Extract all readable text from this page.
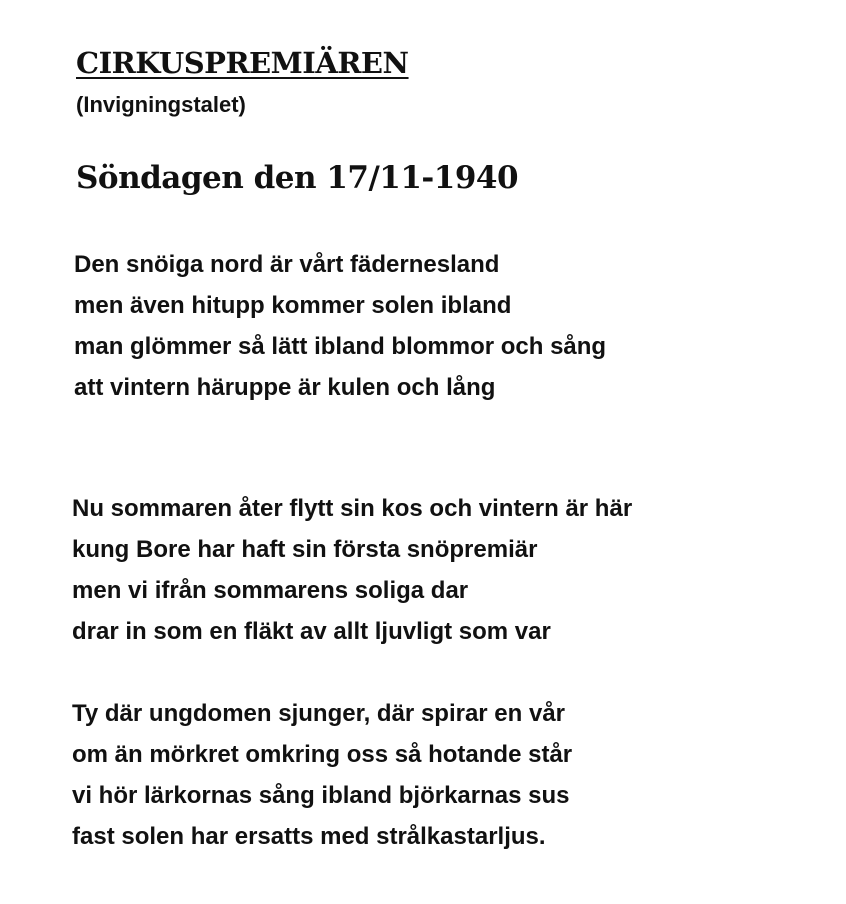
CIRKUSPREMIÄREN

(Invigningstalet)

Söndagen den 17/11-1940
Den snöiga nord är vårt fädernesland
men även hitupp kommer solen ibland
man glömmer så lätt ibland blommor och sång
att vintern häruppe är kulen och lång
Nu sommaren åter flytt sin kos och vintern är här
kung Bore har haft sin första snöpremiär
men vi ifrån sommarens soliga dar
drar in som en fläkt av allt ljuvligt som var
Ty där ungdomen sjunger, där spirar en vår
om än mörkret omkring oss så hotande står
vi hör lärkornas sång ibland björkarnas sus
fast solen har ersatts med strålkastarljus.
